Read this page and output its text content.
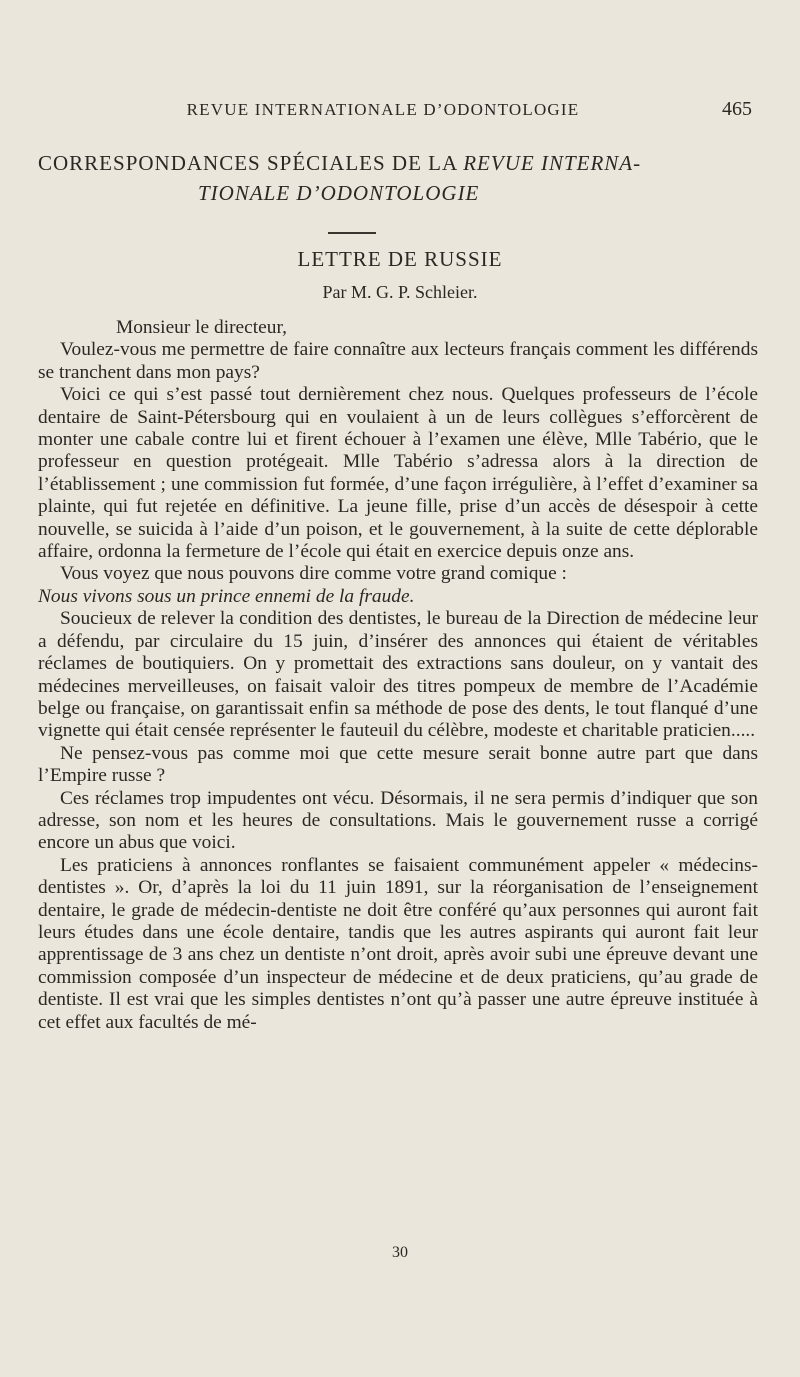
REVUE INTERNATIONALE D’ODONTOLOGIE	465
CORRESPONDANCES SPÉCIALES DE LA REVUE INTERNA-
TIONALE D’ODONTOLOGIE
LETTRE DE RUSSIE
Par M. G. P. Schleier.

Monsieur le directeur,

Voulez-vous me permettre de faire connaître aux lecteurs français comment les différends se tranchent dans mon pays?

Voici ce qui s’est passé tout dernièrement chez nous. Quelques professeurs de l’école dentaire de Saint-Pétersbourg qui en voulaient à un de leurs collègues s’efforcèrent de monter une cabale contre lui et firent échouer à l’examen une élève, Mlle Tabério, que le professeur en question protégeait. Mlle Tabério s’adressa alors à la direction de l’établissement ; une commission fut formée, d’une façon irrégulière, à l’effet d’examiner sa plainte, qui fut rejetée en définitive. La jeune fille, prise d’un accès de désespoir à cette nouvelle, se suicida à l’aide d’un poison, et le gouvernement, à la suite de cette déplorable affaire, ordonna la fermeture de l’école qui était en exercice depuis onze ans.

Vous voyez que nous pouvons dire comme votre grand comique :

Nous vivons sous un prince ennemi de la fraude.

Soucieux de relever la condition des dentistes, le bureau de la Direction de médecine leur a défendu, par circulaire du 15 juin, d’insérer des annonces qui étaient de véritables réclames de boutiquiers. On y promettait des extractions sans douleur, on y vantait des médecines merveilleuses, on faisait valoir des titres pompeux de membre de l’Académie belge ou française, on garantissait enfin sa méthode de pose des dents, le tout flanqué d’une vignette qui était censée représenter le fauteuil du célèbre, modeste et charitable praticien.....

Ne pensez-vous pas comme moi que cette mesure serait bonne autre part que dans l’Empire russe ?

Ces réclames trop impudentes ont vécu. Désormais, il ne sera permis d’indiquer que son adresse, son nom et les heures de consultations. Mais le gouvernement russe a corrigé encore un abus que voici.

Les praticiens à annonces ronflantes se faisaient communément appeler « médecins-dentistes ». Or, d’après la loi du 11 juin 1891, sur la réorganisation de l’enseignement dentaire, le grade de médecin-dentiste ne doit être conféré qu’aux personnes qui auront fait leurs études dans une école dentaire, tandis que les autres aspirants qui auront fait leur apprentissage de 3 ans chez un dentiste n’ont droit, après avoir subi une épreuve devant une commission composée d’un inspecteur de médecine et de deux praticiens, qu’au grade de dentiste. Il est vrai que les simples dentistes n’ont qu’à passer une autre épreuve instituée à cet effet aux facultés de mé-

30
